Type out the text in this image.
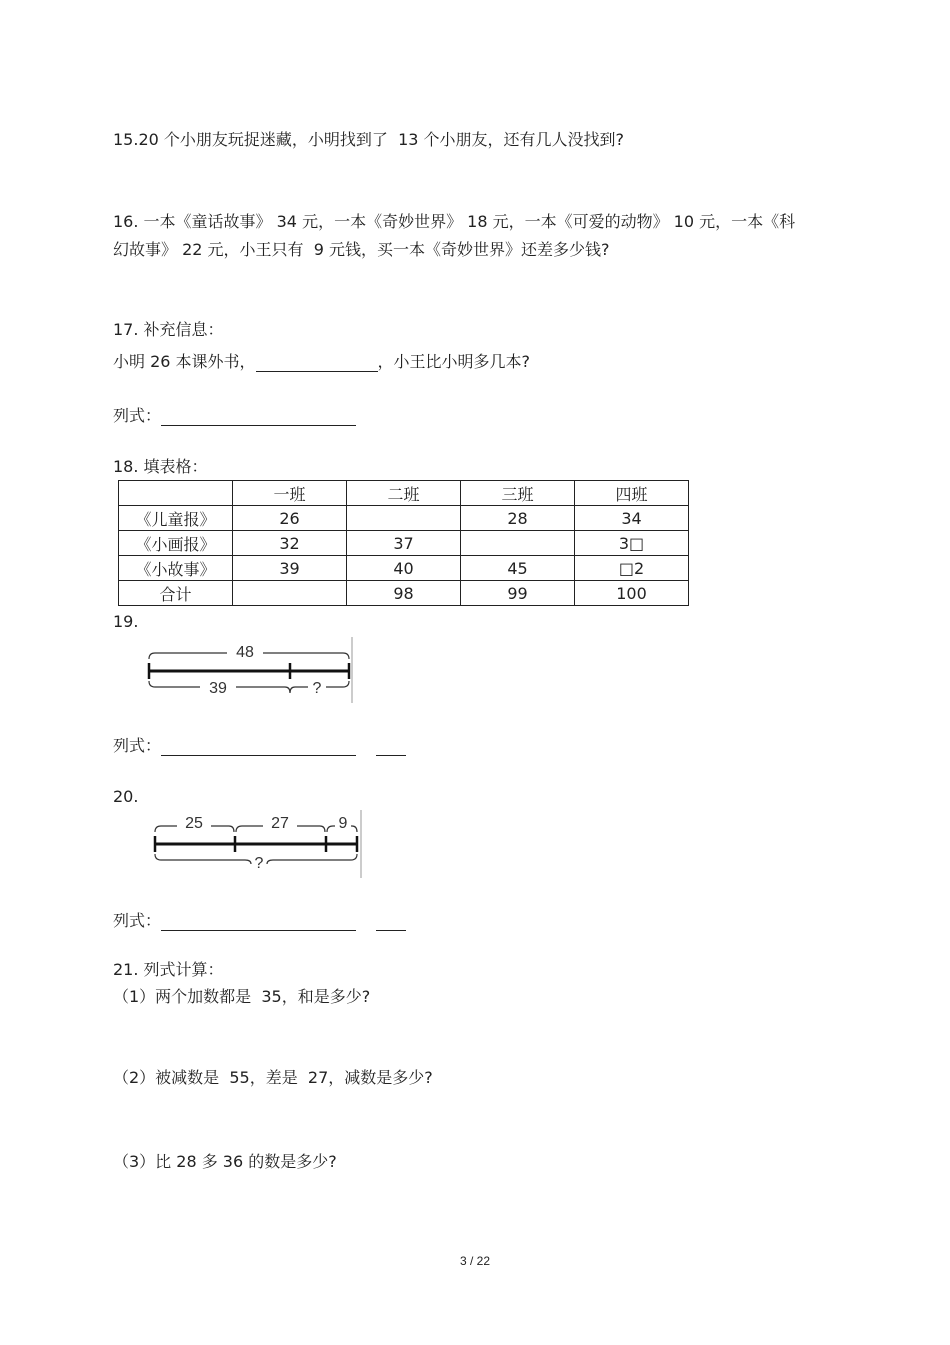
15.20 个小朋友玩捉迷藏，小明找到了  13 个小朋友，还有几人没找到?
16. 一本《童话故事》 34 元，一本《奇妙世界》 18 元，一本《可爱的动物》 10 元，一本《科
幻故事》 22 元，小王只有  9 元钱，买一本《奇妙世界》还差多少钱?
17. 补充信息：
小明 26 本课外书，	，小王比小明多几本?
列式：
18. 填表格：
	一班	二班	三班	四班
《儿童报》	26		28	34
《小画报》	32	37		3□
《小故事》	39	40	45	□2
合计		98	99	100
19.
48
39	?
列式：
20.
25	27	9
?
列式：
21. 列式计算：
（1）两个加数都是  35，和是多少?
（2）被减数是  55，差是  27，减数是多少?
（3）比 28 多 36 的数是多少?
3 / 22
